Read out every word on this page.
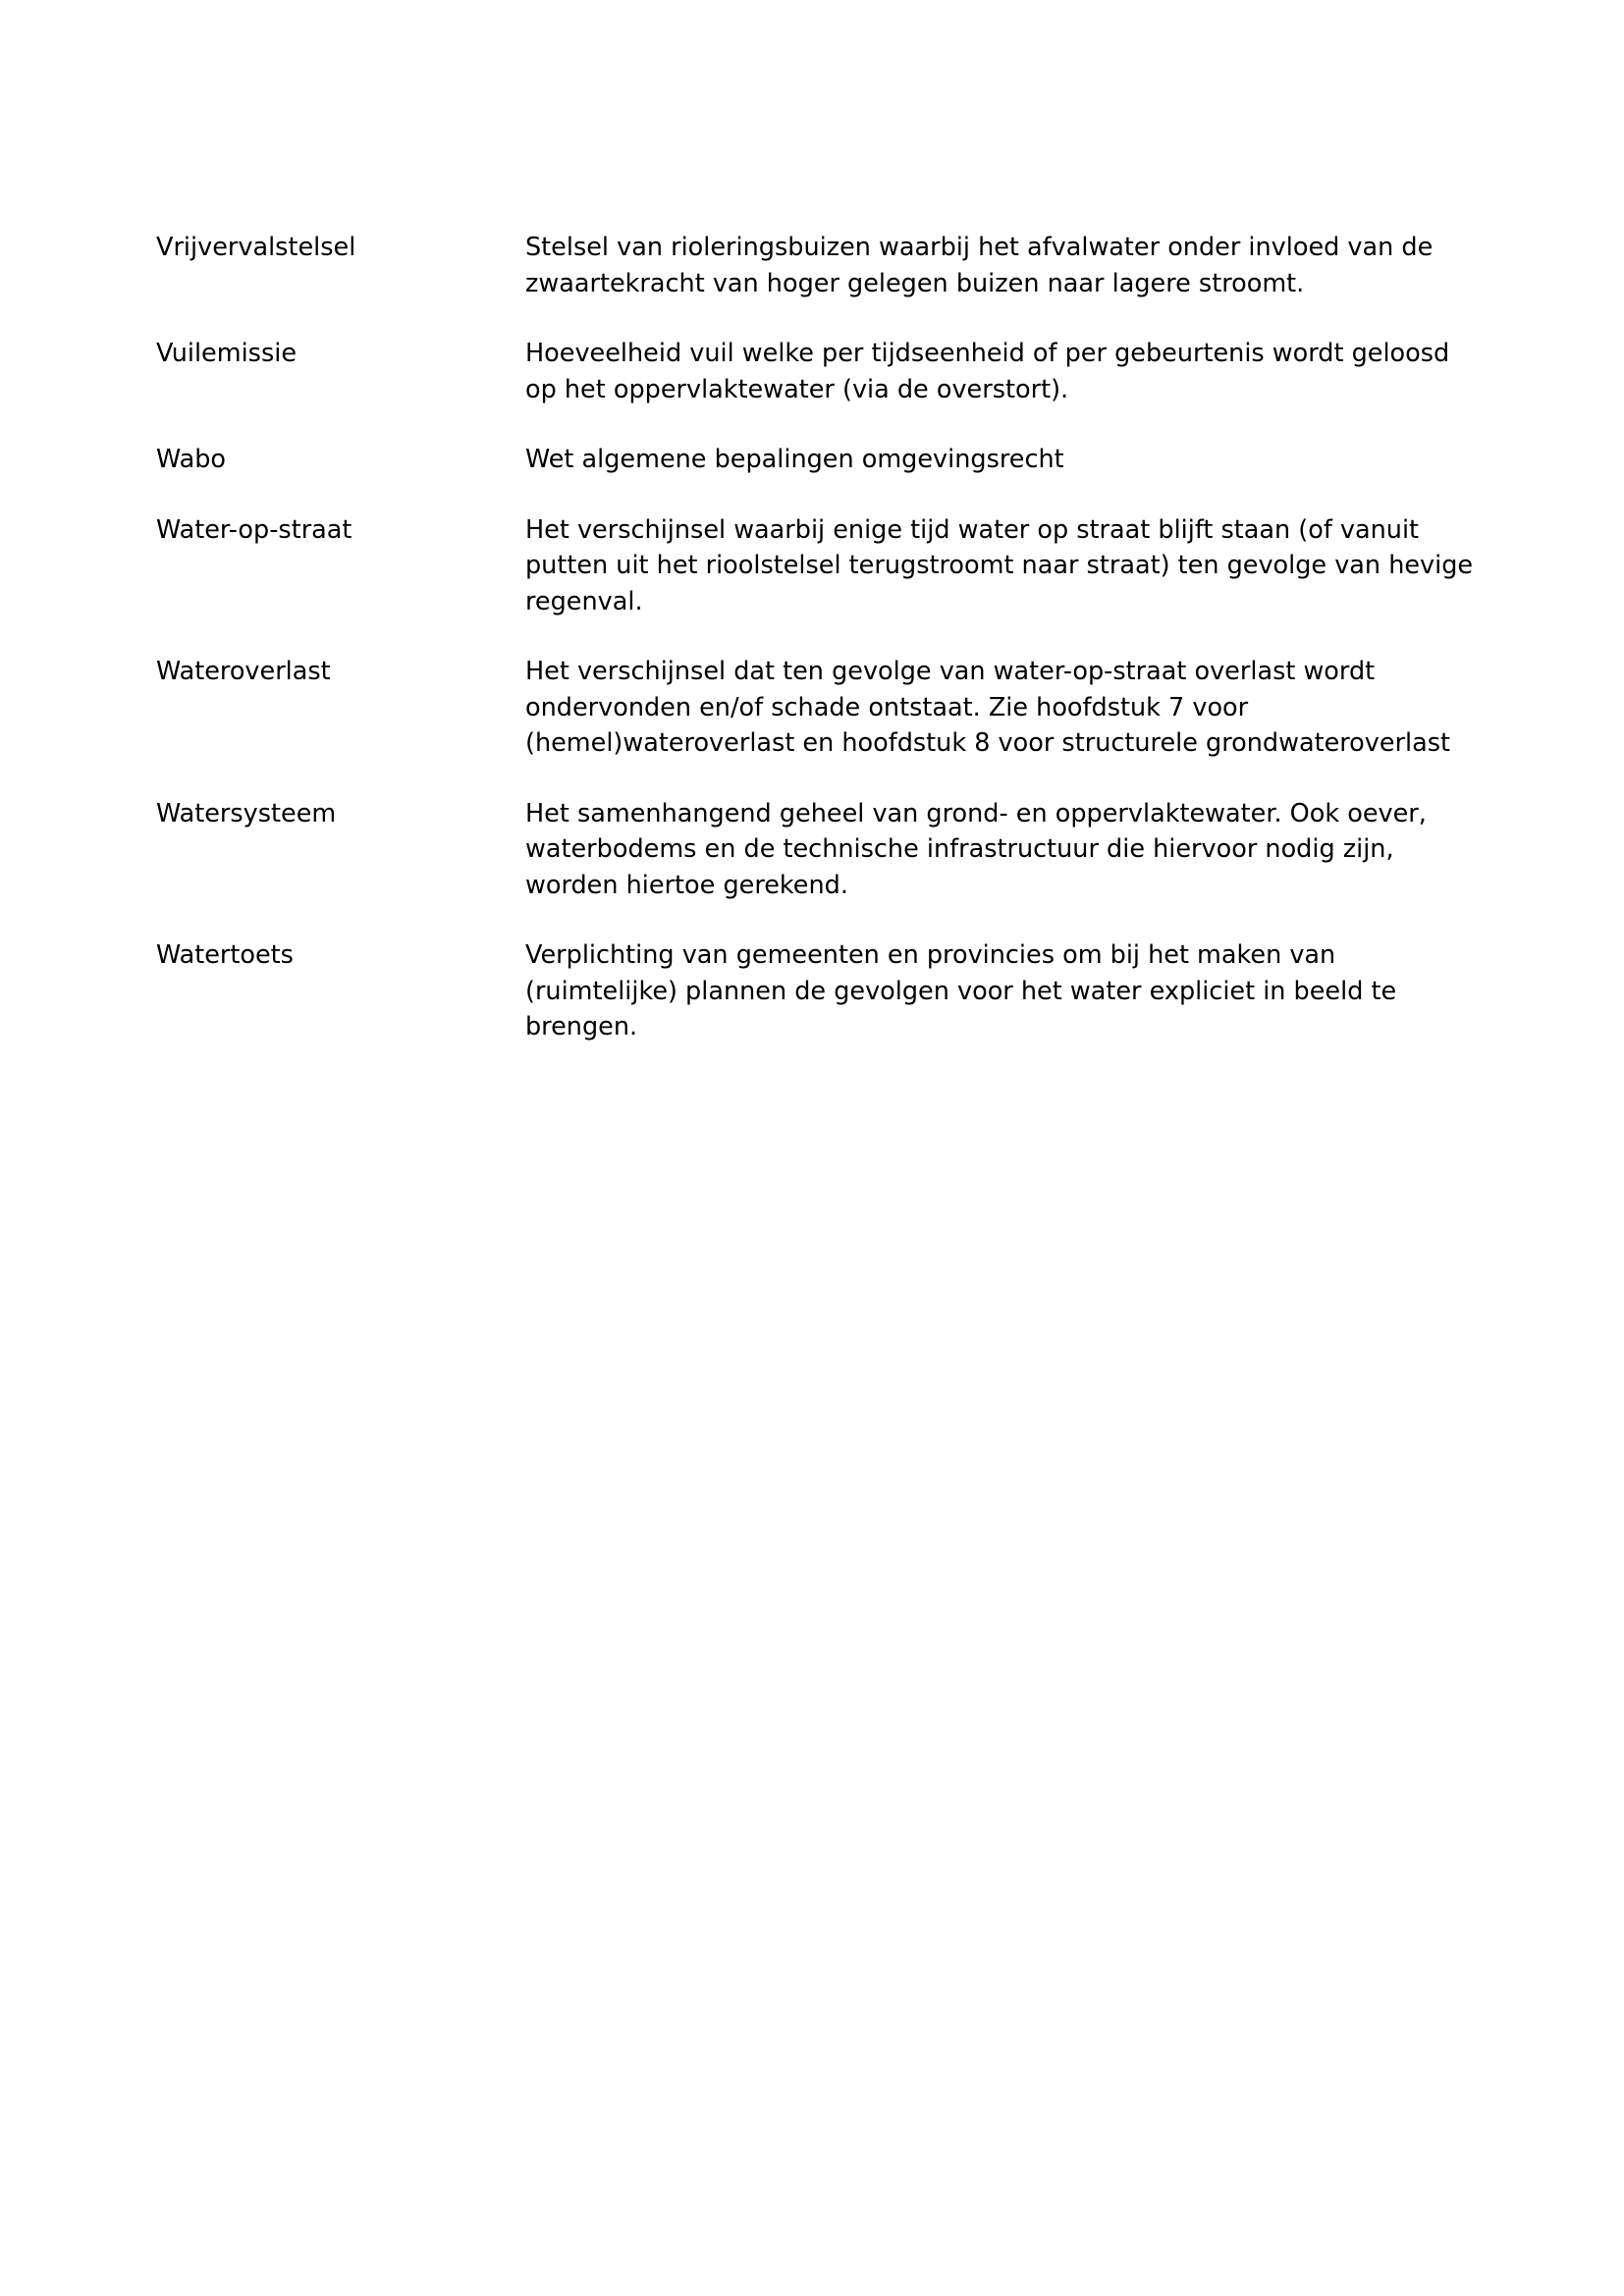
Vrijvervalstelsel	Stelsel van rioleringsbuizen waarbij het afvalwater onder invloed van de
zwaartekracht van hoger gelegen buizen naar lagere stroomt.
Vuilemissie	Hoeveelheid vuil welke per tijdseenheid of per gebeurtenis wordt geloosd
op het oppervlaktewater (via de overstort).
Wabo	Wet algemene bepalingen omgevingsrecht
Water-op-straat	Het verschijnsel waarbij enige tijd water op straat blijft staan (of vanuit
putten uit het rioolstelsel terugstroomt naar straat) ten gevolge van hevige
regenval.
Wateroverlast	Het verschijnsel dat ten gevolge van water-op-straat overlast wordt
ondervonden en/of schade ontstaat. Zie hoofdstuk 7 voor
(hemel)wateroverlast en hoofdstuk 8 voor structurele grondwateroverlast
Watersysteem	Het samenhangend geheel van grond- en oppervlaktewater. Ook oever,
waterbodems en de technische infrastructuur die hiervoor nodig zijn,
worden hiertoe gerekend.
Watertoets	Verplichting van gemeenten en provincies om bij het maken van
(ruimtelijke) plannen de gevolgen voor het water expliciet in beeld te
brengen.
